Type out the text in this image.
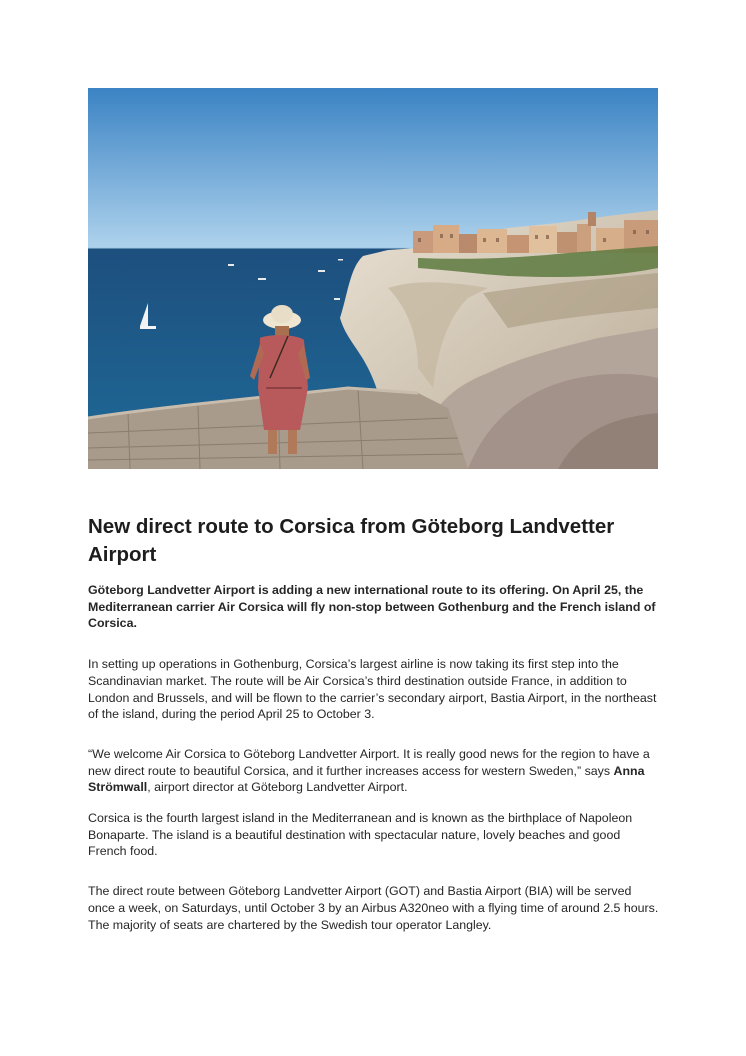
New direct route to Corsica from Göteborg Landvetter Airport

Göteborg Landvetter Airport is adding a new international route to its offering. On April 25, the Mediterranean carrier Air Corsica will fly non-stop between Gothenburg and the French island of Corsica.

In setting up operations in Gothenburg, Corsica’s largest airline is now taking its first step into the Scandinavian market. The route will be Air Corsica’s third destination outside France, in addition to London and Brussels, and will be flown to the carrier’s secondary airport, Bastia Airport, in the northeast of the island, during the period April 25 to October 3.

“We welcome Air Corsica to Göteborg Landvetter Airport. It is really good news for the region to have a new direct route to beautiful Corsica, and it further increases access for western Sweden,” says Anna Strömwall, airport director at Göteborg Landvetter Airport.

Corsica is the fourth largest island in the Mediterranean and is known as the birthplace of Napoleon Bonaparte. The island is a beautiful destination with spectacular nature, lovely beaches and good French food.

The direct route between Göteborg Landvetter Airport (GOT) and Bastia Airport (BIA) will be served once a week, on Saturdays, until October 3 by an Airbus A320neo with a flying time of around 2.5 hours. The majority of seats are chartered by the Swedish tour operator Langley.
